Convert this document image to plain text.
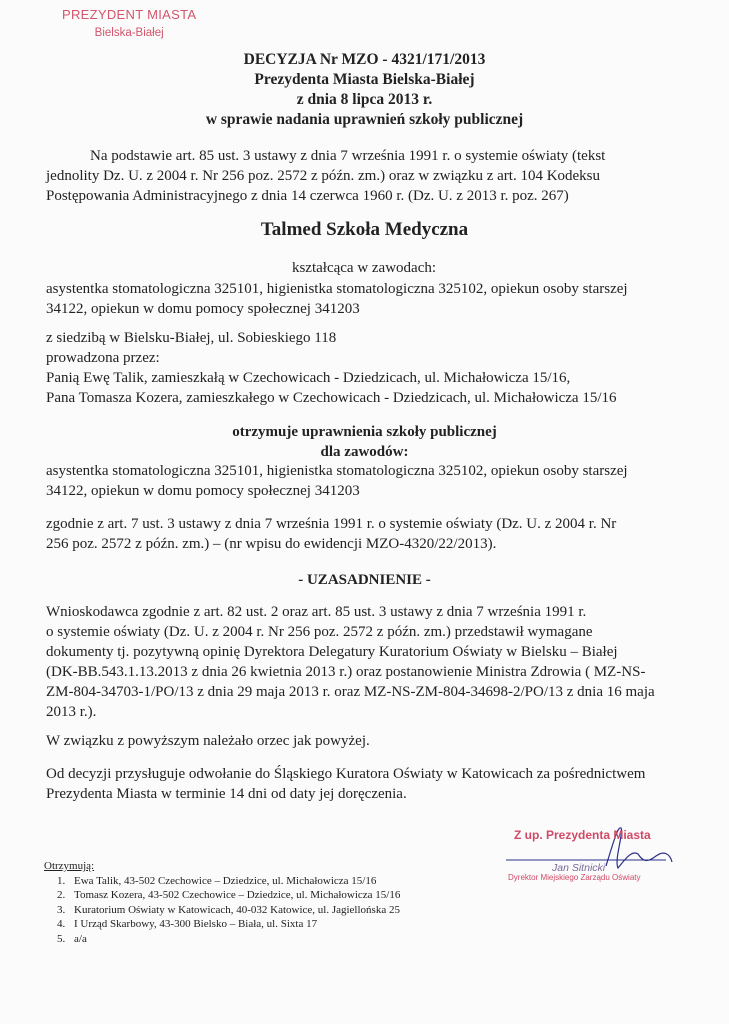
PREZYDENT MIASTA
Bielska-Białej
DECYZJA Nr MZO - 4321/171/2013
Prezydenta Miasta Bielska-Białej
z dnia 8 lipca 2013 r.
w sprawie nadania uprawnień szkoły publicznej
Na podstawie art. 85 ust. 3 ustawy z dnia 7 września 1991 r. o systemie oświaty (tekst
jednolity Dz. U. z 2004 r. Nr 256 poz. 2572 z późn. zm.) oraz w związku z art. 104 Kodeksu
Postępowania Administracyjnego z dnia 14 czerwca 1960 r. (Dz. U. z 2013 r. poz. 267)
Talmed Szkoła Medyczna
kształcąca w zawodach:
asystentka stomatologiczna 325101, higienistka stomatologiczna 325102, opiekun osoby starszej
34122, opiekun w domu pomocy społecznej 341203
z siedzibą w Bielsku-Białej, ul. Sobieskiego 118
prowadzona przez:
Panią Ewę Talik, zamieszkałą w Czechowicach - Dziedzicach, ul. Michałowicza 15/16,
Pana Tomasza Kozera, zamieszkałego w Czechowicach - Dziedzicach, ul. Michałowicza 15/16
otrzymuje uprawnienia szkoły publicznej
dla zawodów:
asystentka stomatologiczna 325101, higienistka stomatologiczna 325102, opiekun osoby starszej
34122, opiekun w domu pomocy społecznej 341203
zgodnie z art. 7 ust. 3 ustawy z dnia 7 września 1991 r. o systemie oświaty (Dz. U. z 2004 r. Nr
256 poz. 2572 z późn. zm.) – (nr wpisu do ewidencji MZO-4320/22/2013).
- UZASADNIENIE -
Wnioskodawca zgodnie z art. 82 ust. 2 oraz art. 85 ust. 3 ustawy z dnia 7 września 1991 r.
o systemie oświaty (Dz. U. z 2004 r. Nr 256 poz. 2572 z późn. zm.) przedstawił wymagane
dokumenty tj. pozytywną opinię Dyrektora Delegatury Kuratorium Oświaty w Bielsku – Białej
(DK-BB.543.1.13.2013 z dnia 26 kwietnia 2013 r.) oraz postanowienie Ministra Zdrowia ( MZ-NS-
ZM-804-34703-1/PO/13 z dnia 29 maja 2013 r. oraz MZ-NS-ZM-804-34698-2/PO/13 z dnia 16 maja
2013 r.).
W związku z powyższym należało orzec jak powyżej.
Od decyzji przysługuje odwołanie do Śląskiego Kuratora Oświaty w Katowicach za pośrednictwem
Prezydenta Miasta w terminie 14 dni od daty jej doręczenia.
Z up. Prezydenta Miasta
Jan Sitnicki
Dyrektor Miejskiego Zarządu Oświaty
Otrzymują:
1. Ewa Talik, 43-502 Czechowice – Dziedzice, ul. Michałowicza 15/16
2. Tomasz Kozera, 43-502 Czechowice – Dziedzice, ul. Michałowicza 15/16
3. Kuratorium Oświaty w Katowicach, 40-032 Katowice, ul. Jagiellońska 25
4. I Urząd Skarbowy, 43-300 Bielsko – Biała, ul. Sixta 17
5. a/a
